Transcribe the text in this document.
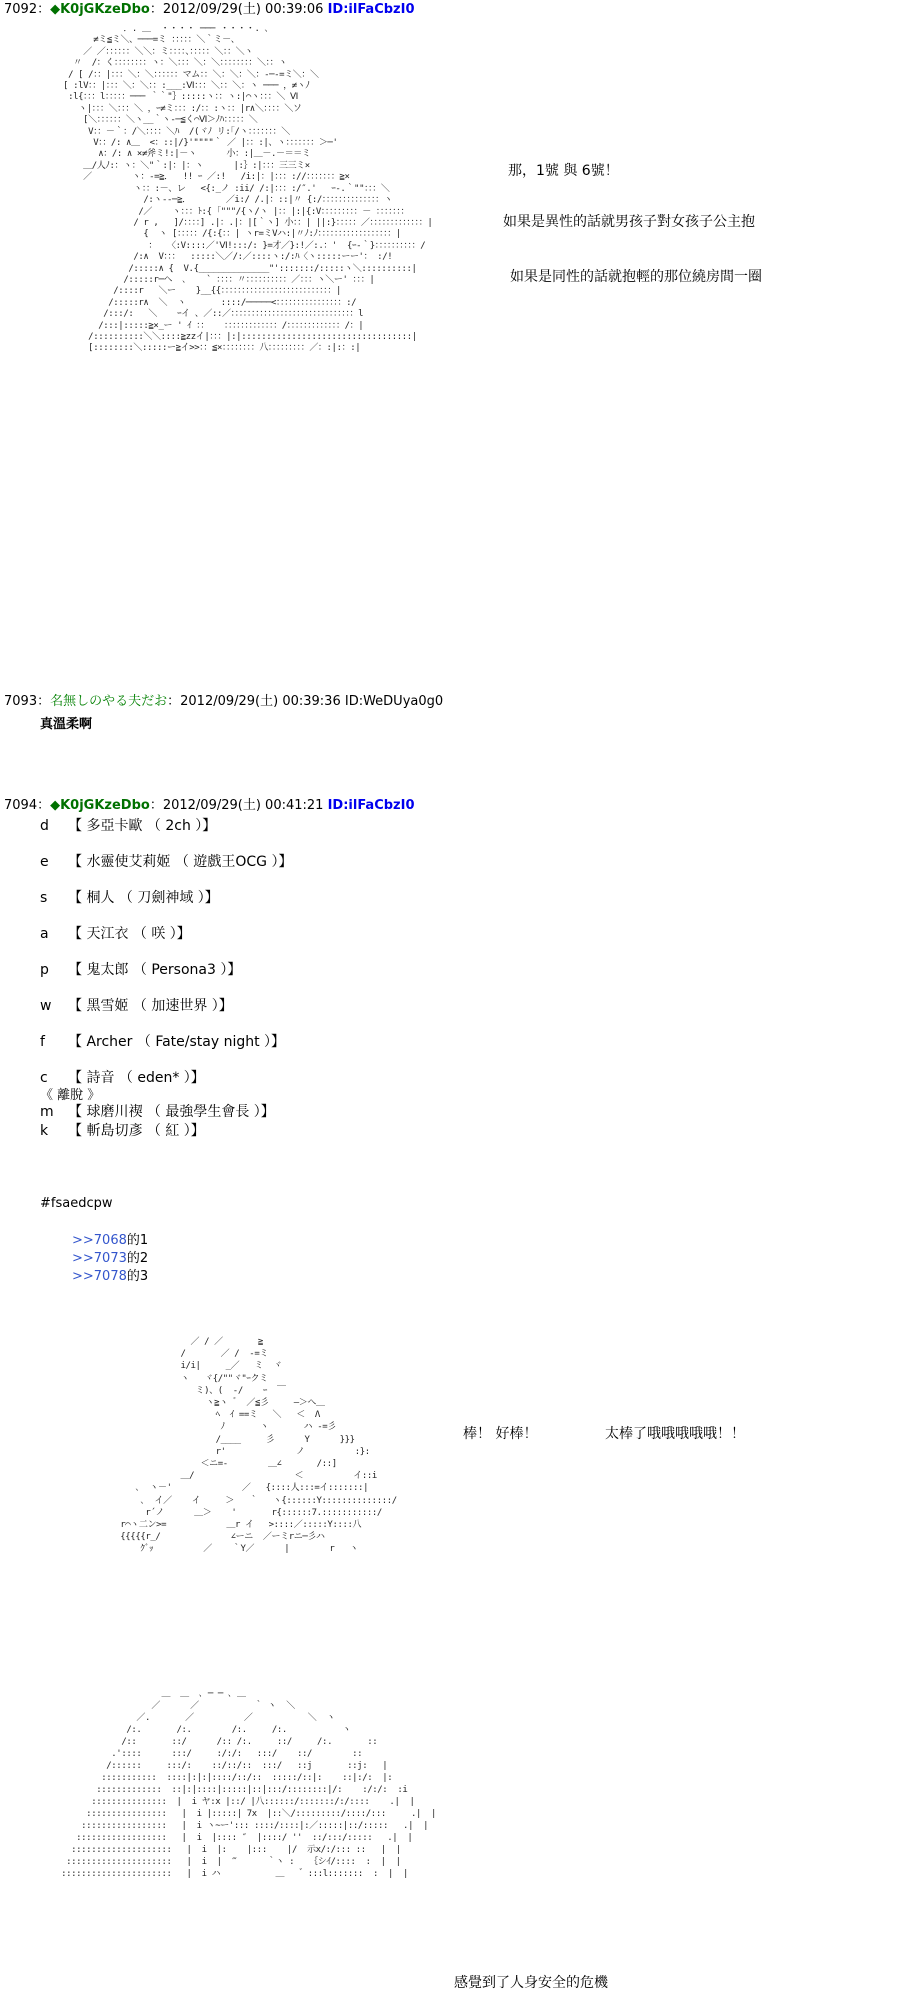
7092：◆K0jGKzeDbo：2012/09/29(土) 00:39:06 ID:ilFaCbzI0
．. ＿  ・・・・ ─── ・・・・. ､
≠ミ≦ミ＼、───=ミ ：：：：：＼｀ミ－、
／ ／：：：：：：＼＼：ミ：：：：、：：：：：＼：：＼ヽ
〃  /：く：：：：：：：：ヽ：＼：：：＼：＼：：：：：：：：＼：：ヽ
/ [ /：：|：：：＼：＼：：：：：：マム：：＼：＼：＼：-─-=ミ＼：＼
[ :lV：：|：：：＼：＼：：:___:Ⅵ：：：＼：：＼：ヽ ─── ，≠ヽﾉ
:l{：：：l：：：：：─── ｀｀"｝:::::ヽ：：ヽ:|⌒ヽ：：：＼ Ⅵ
ヽ|：：：＼：：：＼ ，ｰ≠ミ：：：:/：：:ヽ：：|r∧＼：：：：＼ソ
[＼：：：：：：＼ヽ__｀ヽ-─≦く⌒Ⅵ＞ﾉﾊ：：：：：＼
V：：－｀：/＼：：：：＼ﾊ  /(ヾﾉ リ:｢/ヽ：：：：：：：＼
V：：/: ∧＿  <：::|/}'""""｀ ／ |：：:|、ヽ：：：：：：：＞─'
∧：/: ∧ ×≠斧ミ!:|－ヽ      小：:|＿－.－＝＝ミ
＿/人ﾉ:：ヽ：＼"｀:|：|：ヽ      |:｝:|：：：三三ミ×
／        ヽ：-=≧．  !! ｰ ／:!   /i:|：|：：：://：：：：：：：≧×
ヽ：：:－、レ   <{:_ノ :ii/ /:|：：：:/″.'   ｰ-.｀""：：：＼
/:ヽ--─≧．       ／i:/ /.|：::|〃 {:/：：：：：：：：：：：：：：ヽ
/／    ヽ：：：ﾄ:{ ｢"""/{ヽ/ヽ |：：|:|{:V：：：：：：：：：－ ：：：：：：：
/ r ,   ]/：：：：] .|：.|：|[｀ヽ] 小：：| ||:}：：：：：／：：：：：：：：：：：：：|
{  ヽ [：：：：：/{:{：：| ヽr=ミVハ:|〃ﾉ:ﾉ：：：：：：：：：：：：：：：：：：|
：  〈:V::::／'Ⅵ!:::/: }=才／}:!／:.：'  {ｰ-｀}：：：：：：：：：：/
/:∧  V：：：  :::::＼／/:／::::ヽ:/:ﾊ〈ヽ:::::ーー'： :/!
/:::::∧ {  V.{______________"':::::::/:::::ヽ＼::::::::::|
/:::::r─ヘ  ､    ` ：：：：〃：：：：：：：：：：／：：：ヽ＼ー' ：：：|
/::::r   ＼ー    }__{{：：：：：：：：：：：：：：：：：：：：：：：：：：：|
/:::::r∧  ＼  ヽ       ::::/─────<：：：：：：：：：：：：：：：：:/
/:::/:   ＼    ｰイ 、／::／：：：：：：：：：：：：：：：：：：：：：：：：：：：：：：l
/:::|:::::≧×_ー ' ｲ ：：   ：：：：：：：：：：：：：/：：：：：：：：：：：：：/：|
/::::::::::＼＼::::≧zzイ|：：：|:|::::::::::::::::::::::::::::::::::|
[::::::::＼:::::ー≧イ>>：：≦×：：：：：：：：八：：：：：：：：：／：:|:：:|
那，1號 與 6號！
如果是異性的話就男孩子對女孩子公主抱
如果是同性的話就抱輕的那位繞房間一圈
7093：名無しのやる夫だお：2012/09/29(土) 00:39:36 ID:WeDUya0g0
真溫柔啊
7094：◆K0jGKzeDbo：2012/09/29(土) 00:41:21 ID:ilFaCbzI0
d 【 多亞卡歐 （ 2ch ）】
e 【 水靈使艾莉姬 （ 遊戲王OCG ）】
s 【 桐人 （ 刀劍神域 ）】
a 【 天江衣 （ 咲 ）】
p 【 鬼太郎 （ Persona3 ）】
w 【 黑雪姬 （ 加速世界 ）】
f 【 Archer （ Fate/stay night ）】
c 【 詩音 （ eden* ）】
《 離脫 》
m 【 球磨川禊 （ 最強學生會長 ）】
k 【 斬島切彥 （ 紅 ）】
#fsaedcpw
>>7068的1
>>7073的2
>>7078的3
／ / ／       ≧
/       ／ /  -=ミ
i/i|     _／   ミ  ヾ
ヽ   ヾ{/""ヾ"ｰクミ
ミ)、(  -/    ｰ  ￣
ヽ≧ヽ ゛ ／≦彡     ―＞へ＿
ﾍ  ｲ ==ミ   ＼   ＜  Λ
ﾉ       ヽ       ハ -=彡
/____     彡      Y      }}}
r'              ノ          :}:
＜ニ=-        ＿∠       /::]
＿/                    ＜          イ::i
､  ヽ－'              ／   {::::人:::=イ:::::::|
､  イ／    イ     ＞   ｀   ヽ{::::::Y::::::::::::::/
r´ノ      ＿＞    '       r{::::::7.:::::::::::/
r⌒ヽ二ン>=            ＿r イ   >::::／:::::Y::::八
{{{{{r_/              ∠ーニ  ／ーミrニ─彡ハ
ｸﾞｯ          ／    ｀Y／      |        r   ヽ
棒！ 好棒！	太棒了哦哦哦哦哦！！
＿  ＿  ､ ─ ─ ､ ＿
／      ／           ｀ ヽ  ＼
／.       ／          ／           ＼  ヽ
/:.       /:.        /:.     /:.           ヽ
/::       ::/      /:: /:.     ::/     /:.       ::
.'::::      :::/     :/:/:   :::/    ::/        ::
/::::::     :::/:    ::/::/::  :::/   ::j       ::j:   |
:::::::::::  ::::|:|:|::::/::/::  :::::/::|:    ::|:/:  |:
:::::::::::::  ::|:|::::|:::::|::|:::/::::::::|/:    :/:/:  :i
:::::::::::::::  |  i ヤ:x |::/ |八::::::/:::::::/:/::::    .|  |
::::::::::::::::   |  i |:::::| 7x  |::＼/:::::::::/::::/:::     .|  |
:::::::::::::::::   |  i ヽ~ー'::: ::::/::::|:／:::::|::/:::::   .|  |
::::::::::::::::::   |  i  |:::: ″  |::::/ ''  ::/:::/:::::   .|  |
::::::::::::::::::::   |  i  |:    |:::    |/  示x/:/::: ::   |  |
:::::::::::::::::::::   |  i  |  ‴      ｀ヽ :   ｛シｲ/::::  :  |  |
::::::::::::::::::::::   |  i ハ           ＿   ゛:::l:::::::  :  |  |
感覺到了人身安全的危機
